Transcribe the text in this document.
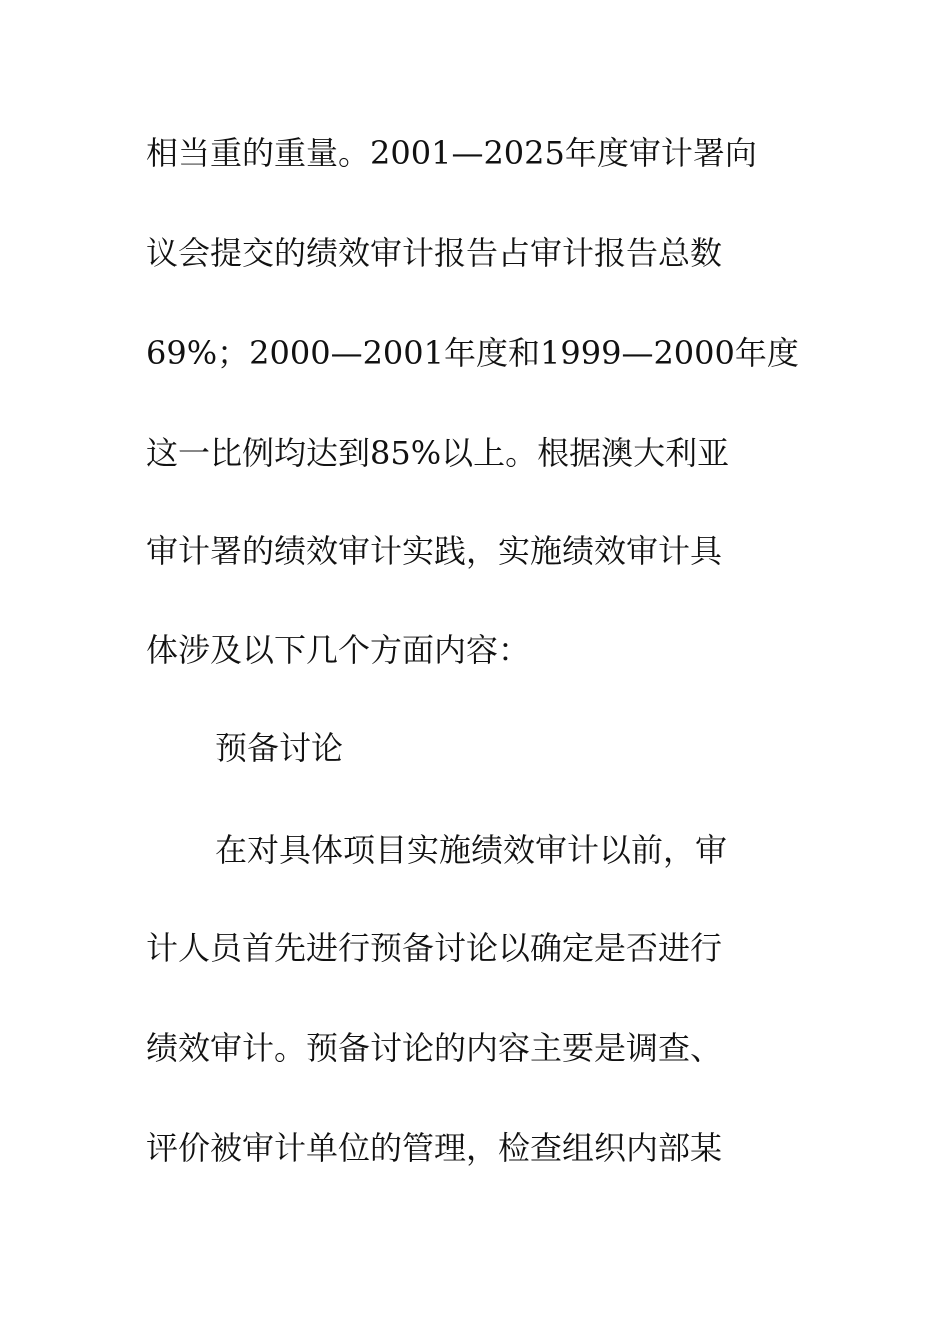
相当重的重量。2001—2025年度审计署向
议会提交的绩效审计报告占审计报告总数
69%；2000—2001年度和1999—2000年度
这一比例均达到85%以上。根据澳大利亚
审计署的绩效审计实践，实施绩效审计具
体涉及以下几个方面内容：
预备讨论
在对具体项目实施绩效审计以前，审
计人员首先进行预备讨论以确定是否进行
绩效审计。预备讨论的内容主要是调查、
评价被审计单位的管理，检查组织内部某
